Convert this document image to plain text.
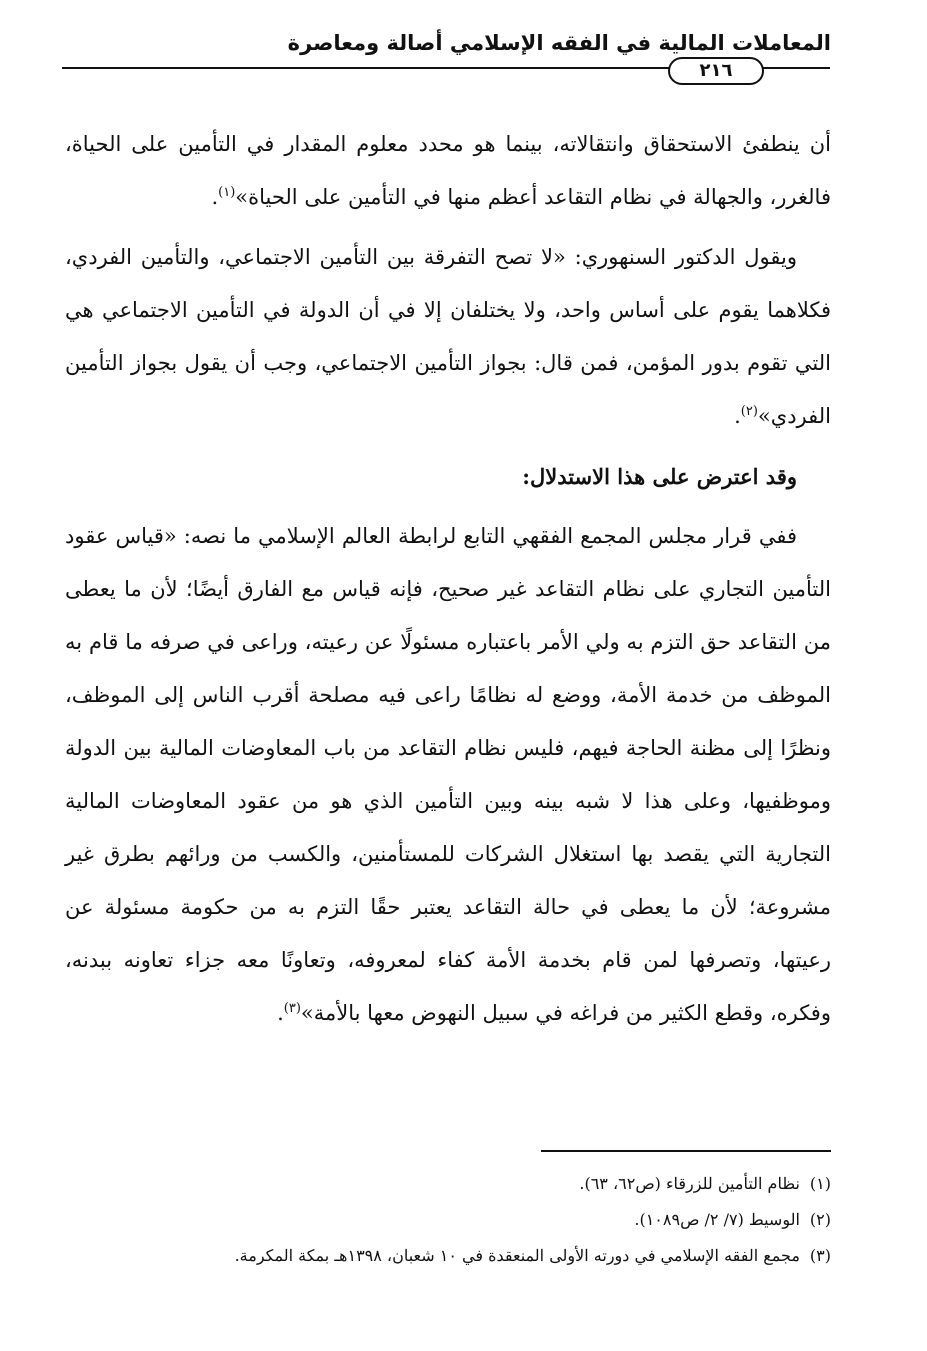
المعاملات المالية في الفقه الإسلامي أصالة ومعاصرة
٢١٦

أن ينطفئ الاستحقاق وانتقالاته، بينما هو محدد معلوم المقدار في التأمين على الحياة، فالغرر، والجهالة في نظام التقاعد أعظم منها في التأمين على الحياة»$^{(١)}$.

ويقول الدكتور السنهوري: «لا تصح التفرقة بين التأمين الاجتماعي، والتأمين الفردي، فكلاهما يقوم على أساس واحد، ولا يختلفان إلا في أن الدولة في التأمين الاجتماعي هي التي تقوم بدور المؤمن، فمن قال: بجواز التأمين الاجتماعي، وجب أن يقول بجواز التأمين الفردي»$^{(٢)}$.

وقد اعترض على هذا الاستدلال:

ففي قرار مجلس المجمع الفقهي التابع لرابطة العالم الإسلامي ما نصه: «قياس عقود التأمين التجاري على نظام التقاعد غير صحيح، فإنه قياس مع الفارق أيضًا؛ لأن ما يعطى من التقاعد حق التزم به ولي الأمر باعتباره مسئولًا عن رعيته، وراعى في صرفه ما قام به الموظف من خدمة الأمة، ووضع له نظامًا راعى فيه مصلحة أقرب الناس إلى الموظف، ونظرًا إلى مظنة الحاجة فيهم، فليس نظام التقاعد من باب المعاوضات المالية بين الدولة وموظفيها، وعلى هذا لا شبه بينه وبين التأمين الذي هو من عقود المعاوضات المالية التجارية التي يقصد بها استغلال الشركات للمستأمنين، والكسب من ورائهم بطرق غير مشروعة؛ لأن ما يعطى في حالة التقاعد يعتبر حقًا التزم به من حكومة مسئولة عن رعيتها، وتصرفها لمن قام بخدمة الأمة كفاء لمعروفه، وتعاونًا معه جزاء تعاونه ببدنه، وفكره، وقطع الكثير من فراغه في سبيل النهوض معها بالأمة»$^{(٣)}$.

(١)نظام التأمين للزرقاء (ص٦٢، ٦٣).
(٢)الوسيط (٧/ ٢/ ص١٠٨٩).
(٣)مجمع الفقه الإسلامي في دورته الأولى المنعقدة في ١٠ شعبان، ١٣٩٨هـ بمكة المكرمة.
